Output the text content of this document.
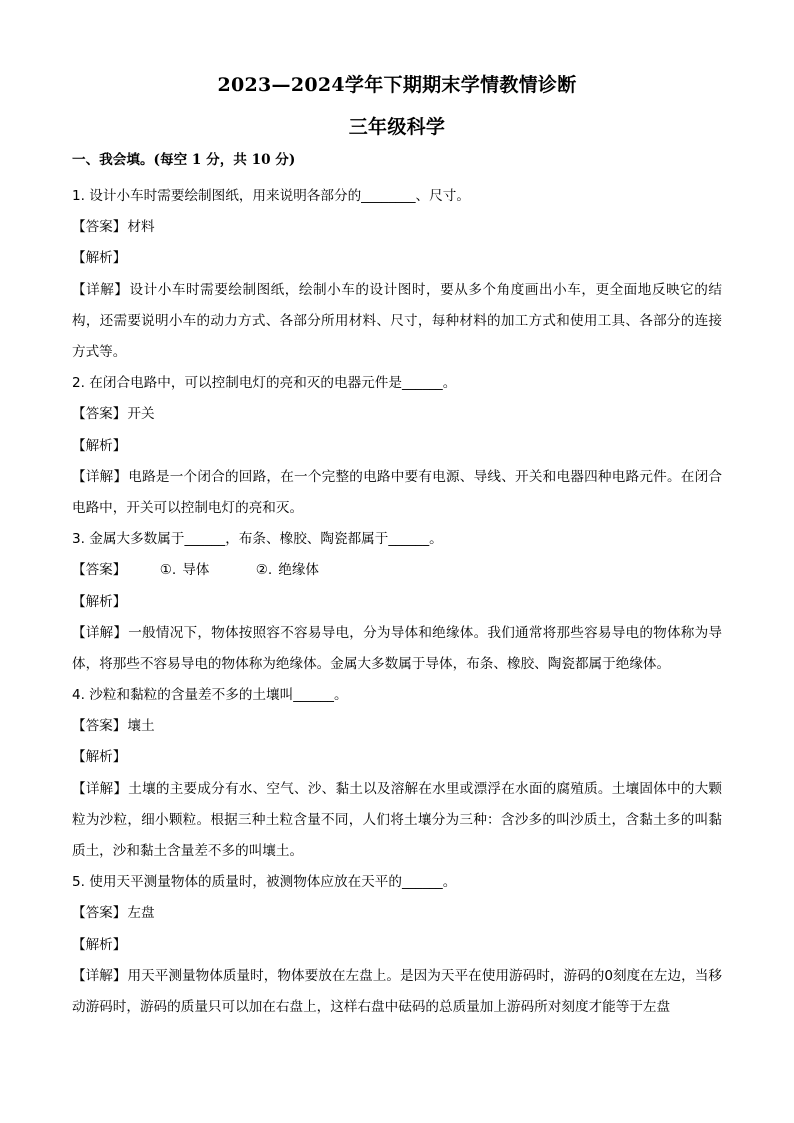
2023—2024学年下期期末学情教情诊断
三年级科学
一、我会填。(每空 1 分，共 10 分)
1. 设计小车时需要绘制图纸，用来说明各部分的________、尺寸。
【答案】材料
【解析】
【详解】设计小车时需要绘制图纸，绘制小车的设计图时，要从多个角度画出小车，更全面地反映它的结构，还需要说明小车的动力方式、各部分所用材料、尺寸，每种材料的加工方式和使用工具、各部分的连接方式等。
2. 在闭合电路中，可以控制电灯的亮和灭的电器元件是______。
【答案】开关
【解析】
【详解】电路是一个闭合的回路，在一个完整的电路中要有电源、导线、开关和电器四种电路元件。在闭合电路中，开关可以控制电灯的亮和灭。
3. 金属大多数属于______，布条、橡胶、陶瓷都属于______。
【答案】 ①. 导体	②. 绝缘体
【解析】
【详解】一般情况下，物体按照容不容易导电，分为导体和绝缘体。我们通常将那些容易导电的物体称为导体，将那些不容易导电的物体称为绝缘体。金属大多数属于导体，布条、橡胶、陶瓷都属于绝缘体。
4. 沙粒和黏粒的含量差不多的土壤叫______。
【答案】壤土
【解析】
【详解】土壤的主要成分有水、空气、沙、黏土以及溶解在水里或漂浮在水面的腐殖质。土壤固体中的大颗粒为沙粒，细小颗粒。根据三种土粒含量不同，人们将土壤分为三种：含沙多的叫沙质土，含黏土多的叫黏质土，沙和黏土含量差不多的叫壤土。
5. 使用天平测量物体的质量时，被测物体应放在天平的______。
【答案】左盘
【解析】
【详解】用天平测量物体质量时，物体要放在左盘上。是因为天平在使用游码时，游码的0刻度在左边，当移动游码时，游码的质量只可以加在右盘上，这样右盘中砝码的总质量加上游码所对刻度才能等于左盘
